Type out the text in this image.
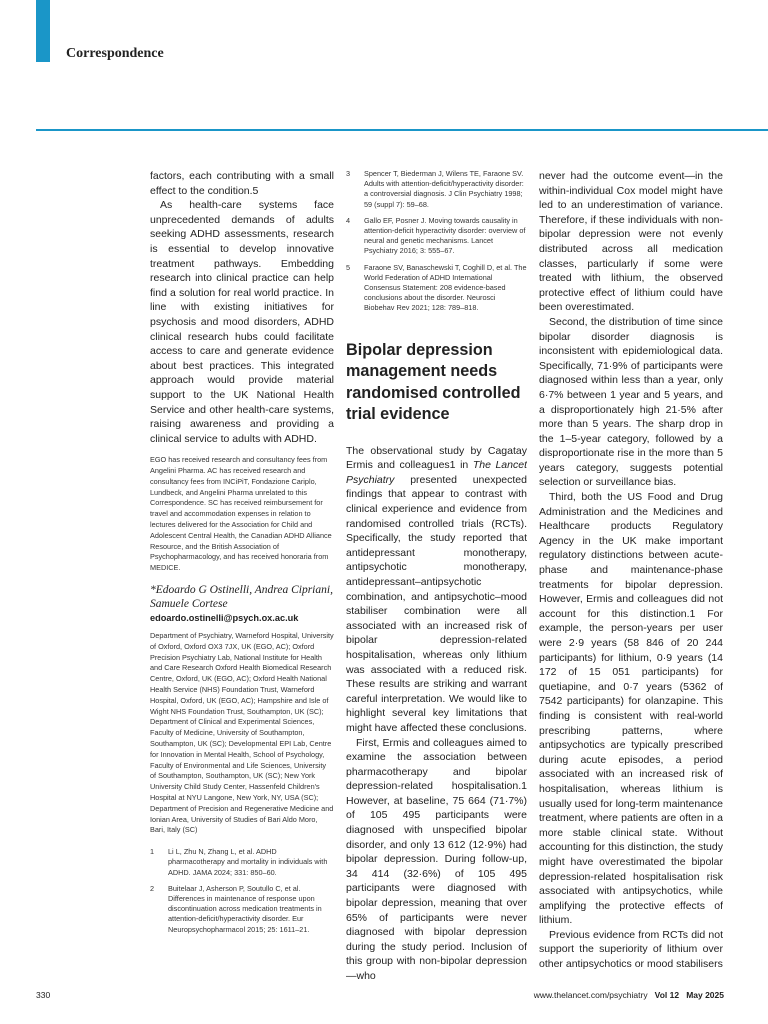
Correspondence

factors, each contributing with a small effect to the condition.5

As health-care systems face unprecedented demands of adults seeking ADHD assessments, research is essential to develop innovative treatment pathways. Embedding research into clinical practice can help find a solution for real world practice. In line with existing initiatives for psychosis and mood disorders, ADHD clinical research hubs could facilitate access to care and generate evidence about best practices. This integrated approach would provide material support to the UK National Health Service and other health-care systems, raising awareness and providing a clinical service to adults with ADHD.

EGO has received research and consultancy fees from Angelini Pharma. AC has received research and consultancy fees from INCiPiT, Fondazione Cariplo, Lundbeck, and Angelini Pharma unrelated to this Correspondence. SC has received reimbursement for travel and accommodation expenses in relation to lectures delivered for the Association for Child and Adolescent Central Health, the Canadian ADHD Alliance Resource, and the British Association of Psychopharmacology, and has received honoraria from MEDICE.

*Edoardo G Ostinelli, Andrea Cipriani, Samuele Cortese

edoardo.ostinelli@psych.ox.ac.uk

Department of Psychiatry, Warneford Hospital, University of Oxford, Oxford OX3 7JX, UK (EGO, AC); Oxford Precision Psychiatry Lab, National Institute for Health and Care Research Oxford Health Biomedical Research Centre, Oxford, UK (EGO, AC); Oxford Health National Health Service (NHS) Foundation Trust, Warneford Hospital, Oxford, UK (EGO, AC); Hampshire and Isle of Wight NHS Foundation Trust, Southampton, UK (SC); Department of Clinical and Experimental Sciences, Faculty of Medicine, University of Southampton, Southampton, UK (SC); Developmental EPI Lab, Centre for Innovation in Mental Health, School of Psychology, Faculty of Environmental and Life Sciences, University of Southampton, Southampton, UK (SC); New York University Child Study Center, Hassenfeld Children's Hospital at NYU Langone, New York, NY, USA (SC); Department of Precision and Regenerative Medicine and Ionian Area, University of Studies of Bari Aldo Moro, Bari, Italy (SC)

1	Li L, Zhu N, Zhang L, et al. ADHD pharmacotherapy and mortality in individuals with ADHD. JAMA 2024; 331: 850–60.
2	Buitelaar J, Asherson P, Soutullo C, et al. Differences in maintenance of response upon discontinuation across medication treatments in attention-deficit/hyperactivity disorder. Eur Neuropsychopharmacol 2015; 25: 1611–21.
3	Spencer T, Biederman J, Wilens TE, Faraone SV. Adults with attention-deficit/hyperactivity disorder: a controversial diagnosis. J Clin Psychiatry 1998; 59 (suppl 7): 59–68.
4	Gallo EF, Posner J. Moving towards causality in attention-deficit hyperactivity disorder: overview of neural and genetic mechanisms. Lancet Psychiatry 2016; 3: 555–67.
5	Faraone SV, Banaschewski T, Coghill D, et al. The World Federation of ADHD International Consensus Statement: 208 evidence-based conclusions about the disorder. Neurosci Biobehav Rev 2021; 128: 789–818.
Bipolar depression management needs randomised controlled trial evidence

The observational study by Cagatay Ermis and colleagues1 in The Lancet Psychiatry presented unexpected findings that appear to contrast with clinical experience and evidence from randomised controlled trials (RCTs). Specifically, the study reported that antidepressant monotherapy, antipsychotic monotherapy, antidepressant–antipsychotic combination, and antipsychotic–mood stabiliser combination were all associated with an increased risk of bipolar depression-related hospitalisation, whereas only lithium was associated with a reduced risk. These results are striking and warrant careful interpretation. We would like to highlight several key limitations that might have affected these conclusions.

First, Ermis and colleagues aimed to examine the association between pharmacotherapy and bipolar depression-related hospitalisation.1 However, at baseline, 75 664 (71·7%) of 105 495 participants were diagnosed with unspecified bipolar disorder, and only 13 612 (12·9%) had bipolar depression. During follow-up, 34 414 (32·6%) of 105 495 participants were diagnosed with bipolar depression, meaning that over 65% of participants were never diagnosed with bipolar depression during the study period. Inclusion of this group with non-bipolar depression—who

never had the outcome event—in the within-individual Cox model might have led to an underestimation of variance. Therefore, if these individuals with non-bipolar depression were not evenly distributed across all medication classes, particularly if some were treated with lithium, the observed protective effect of lithium could have been overestimated.

Second, the distribution of time since bipolar disorder diagnosis is inconsistent with epidemiological data. Specifically, 71·9% of participants were diagnosed within less than a year, only 6·7% between 1 year and 5 years, and a disproportionately high 21·5% after more than 5 years. The sharp drop in the 1–5-year category, followed by a disproportionate rise in the more than 5 years category, suggests potential selection or surveillance bias.

Third, both the US Food and Drug Administration and the Medicines and Healthcare products Regulatory Agency in the UK make important regulatory distinctions between acute-phase and maintenance-phase treatments for bipolar depression. However, Ermis and colleagues did not account for this distinction.1 For example, the person-years per user were 2·9 years (58 846 of 20 244 participants) for lithium, 0·9 years (14 172 of 15 051 participants) for quetiapine, and 0·7 years (5362 of 7542 participants) for olanzapine. This finding is consistent with real-world prescribing patterns, where antipsychotics are typically prescribed during acute episodes, a period associated with an increased risk of hospitalisation, whereas lithium is usually used for long-term maintenance treatment, where patients are often in a more stable clinical state. Without accounting for this distinction, the study might have overestimated the bipolar depression-related hospitalisation risk associated with antipsychotics, while amplifying the protective effects of lithium.

Previous evidence from RCTs did not support the superiority of lithium over other antipsychotics or mood stabilisers

330	www.thelancet.com/psychiatry Vol 12 May 2025
